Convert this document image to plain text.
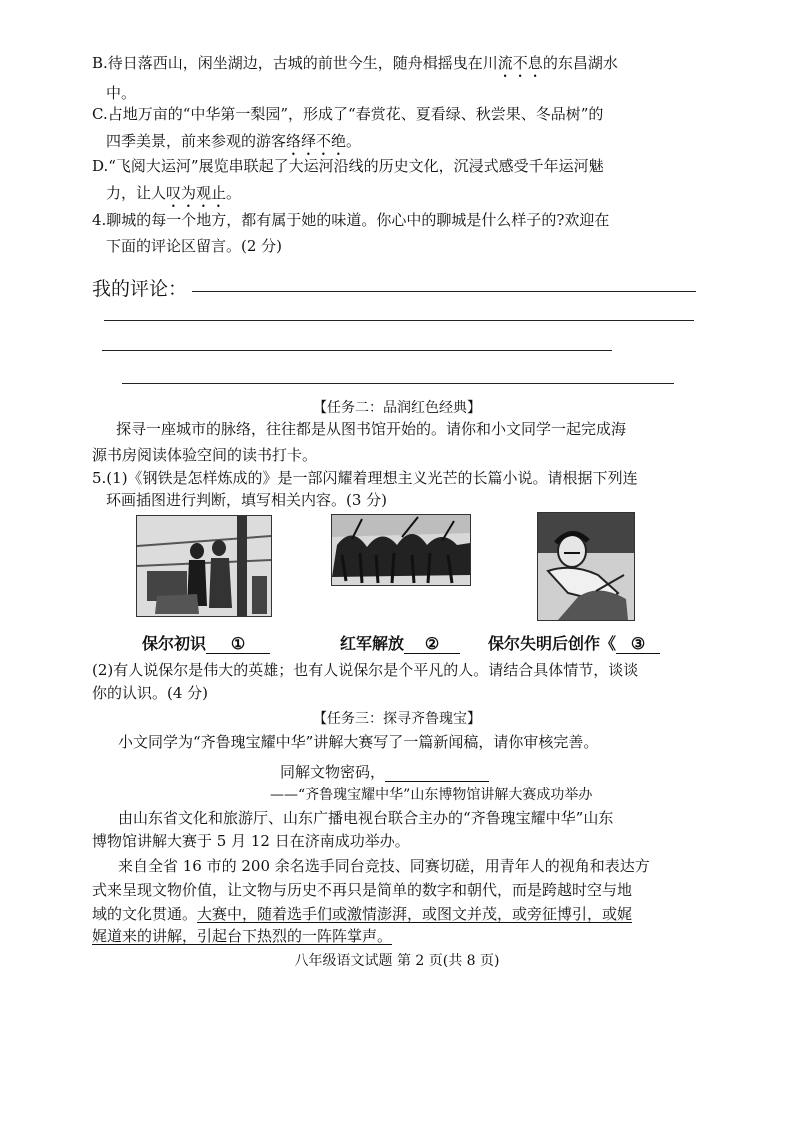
B.待日落西山，闲坐湖边，古城的前世今生，随舟楫摇曳在川流不息的东昌湖水
中。
C.占地万亩的“中华第一梨园”，形成了“春赏花、夏看绿、秋尝果、冬品树”的
四季美景，前来参观的游客络绎不绝。
D.“飞阅大运河”展览串联起了大运河沿线的历史文化，沉浸式感受千年运河魅
力，让人叹为观止。
4.聊城的每一个地方，都有属于她的味道。你心中的聊城是什么样子的?欢迎在
下面的评论区留言。(2 分)
我的评论：
【任务二：品润红色经典】
探寻一座城市的脉络，往往都是从图书馆开始的。请你和小文同学一起完成海
源书房阅读体验空间的读书打卡。
5.(1)《钢铁是怎样炼成的》是一部闪耀着理想主义光芒的长篇小说。请根据下列连
环画插图进行判断，填写相关内容。(3 分)
保尔初识 ①	红军解放 ②	保尔失明后创作《 ③
(2)有人说保尔是伟大的英雄；也有人说保尔是个平凡的人。请结合具体情节，谈谈
你的认识。(4 分)
【任务三：探寻齐鲁瑰宝】
小文同学为“齐鲁瑰宝耀中华”讲解大赛写了一篇新闻稿，请你审核完善。
同解文物密码，
——“齐鲁瑰宝耀中华”山东博物馆讲解大赛成功举办
由山东省文化和旅游厅、山东广播电视台联合主办的“齐鲁瑰宝耀中华”山东
博物馆讲解大赛于 5 月 12 日在济南成功举办。
来自全省 16 市的 200 余名选手同台竞技、同赛切磋，用青年人的视角和表达方
式来呈现文物价值，让文物与历史不再只是简单的数字和朝代，而是跨越时空与地
域的文化贯通。大赛中，随着选手们或激情澎湃，或图文并茂，或旁征博引，或娓
娓道来的讲解，引起台下热烈的一阵阵掌声。
八年级语文试题 第 2 页(共 8 页)
